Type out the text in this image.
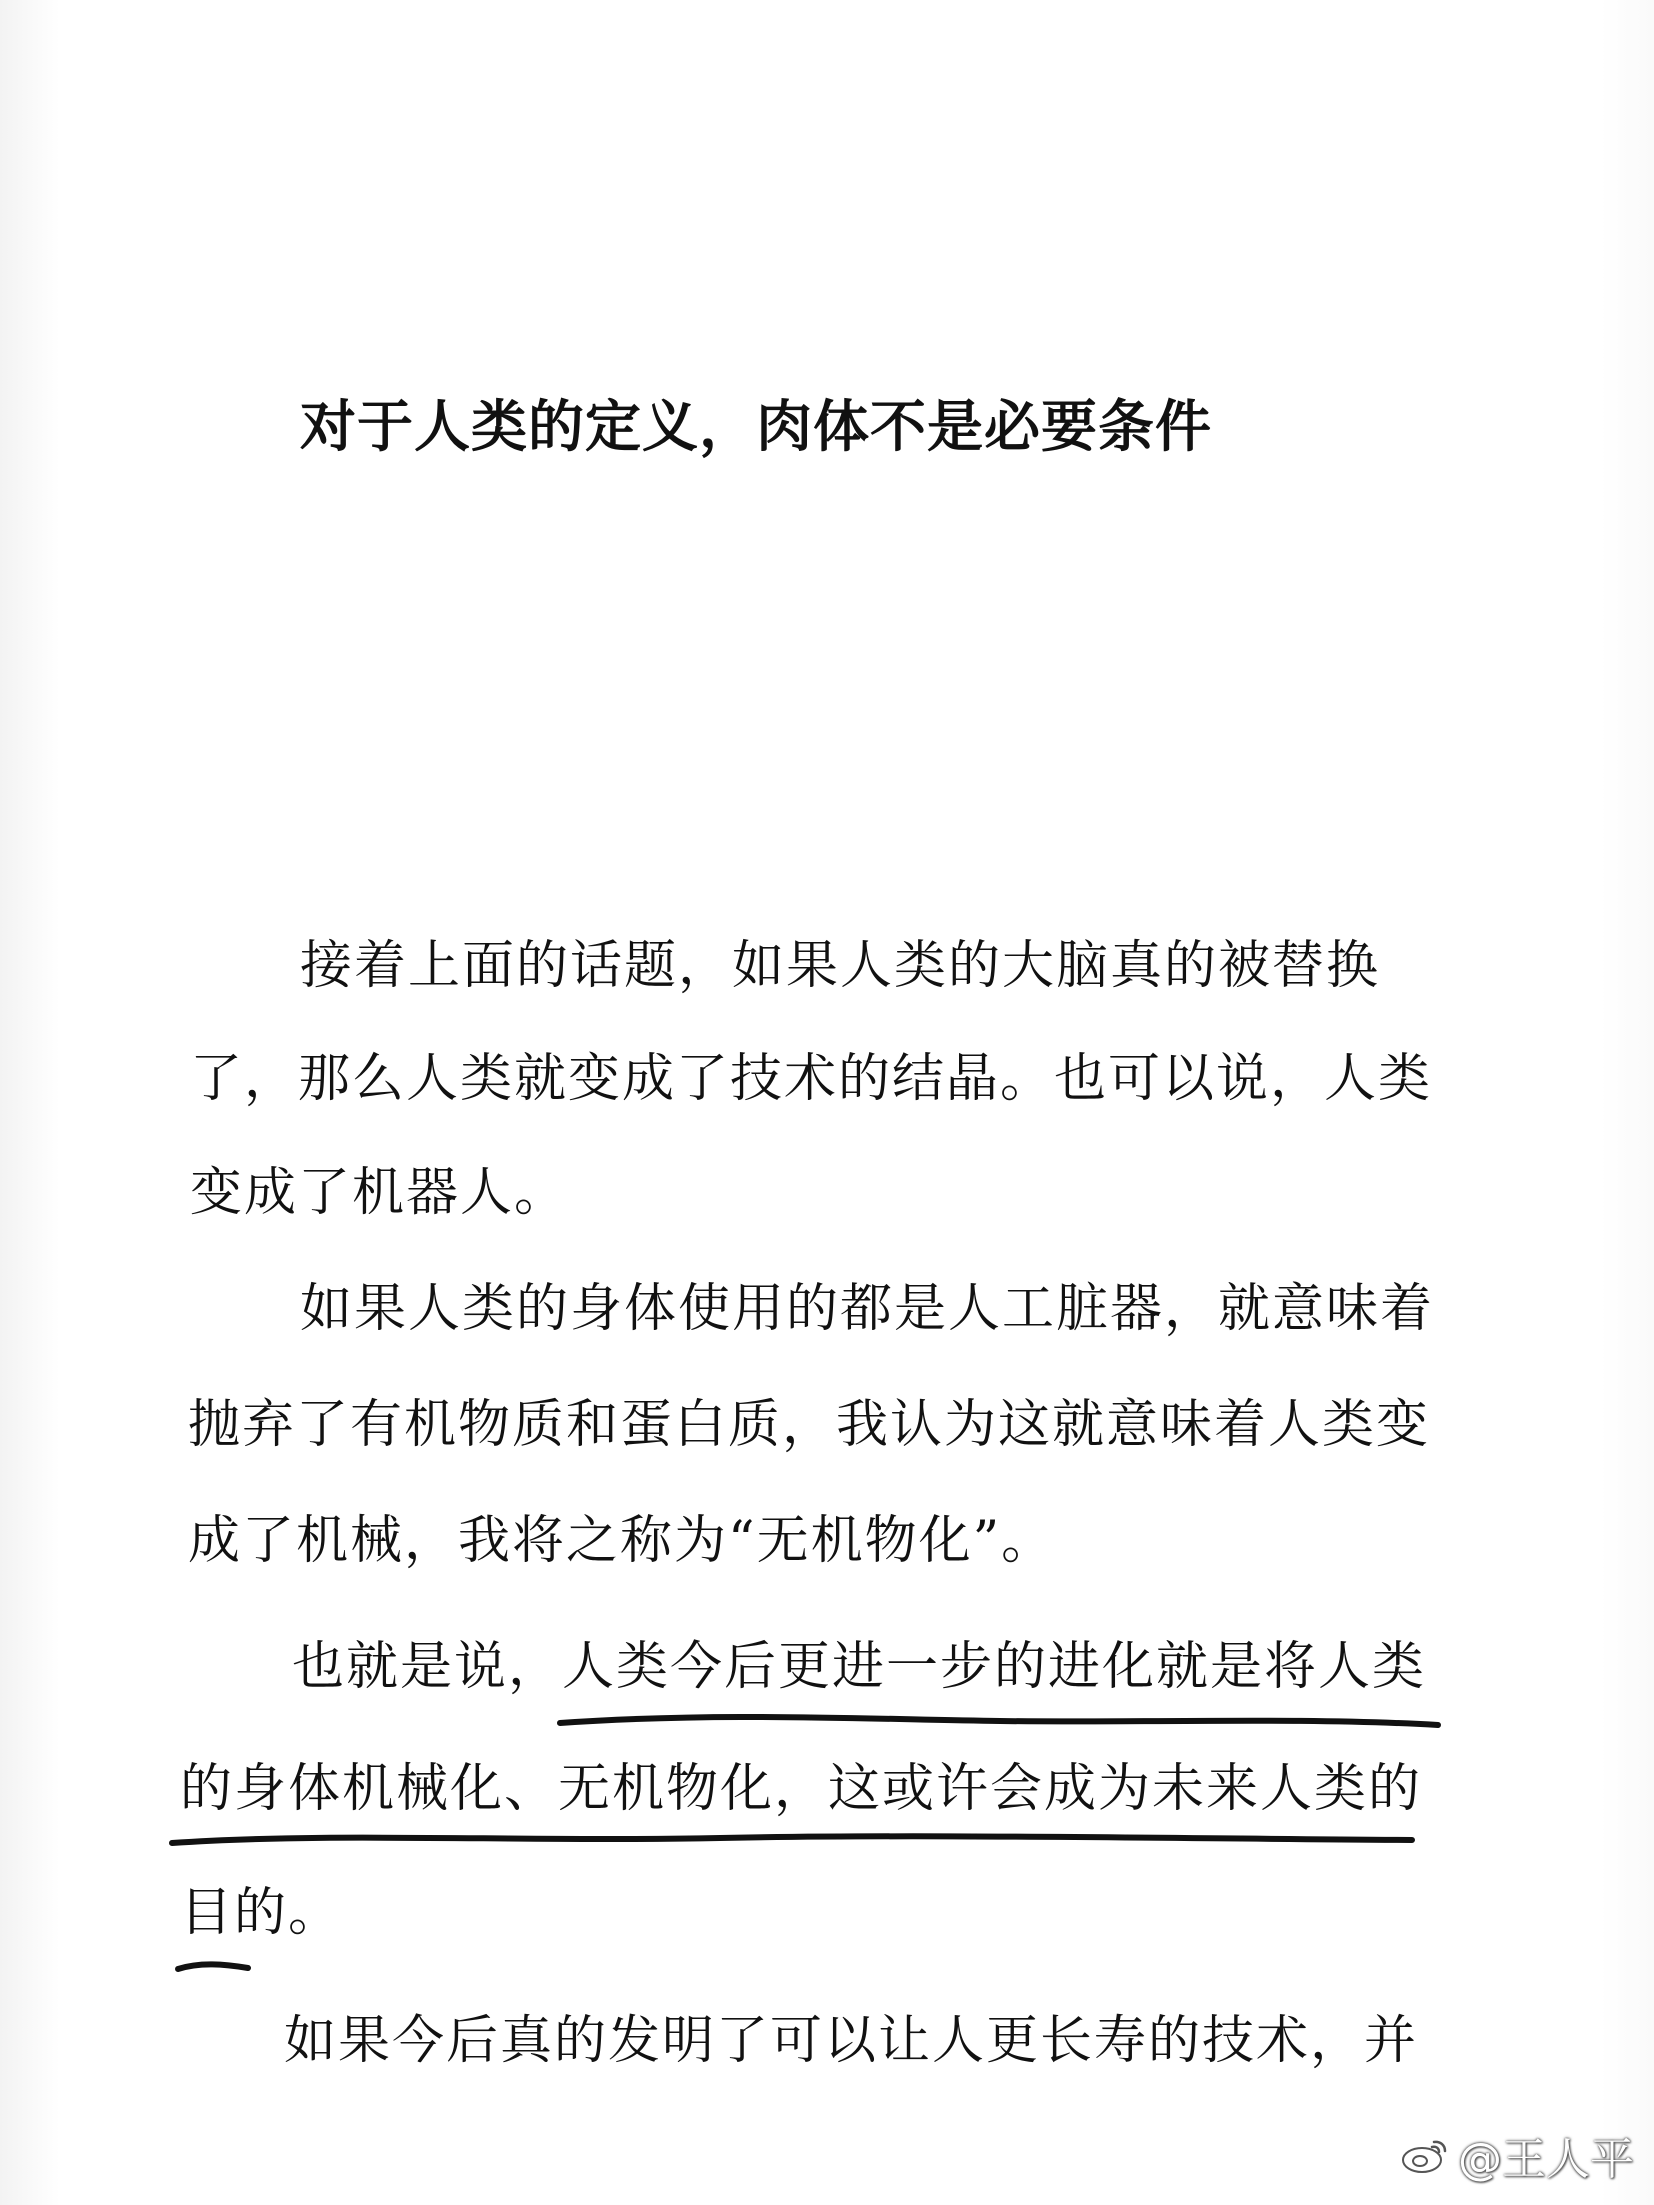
对于人类的定义，肉体不是必要条件
接着上面的话题，如果人类的大脑真的被替换
了，那么人类就变成了技术的结晶。也可以说，人类
变成了机器人。
如果人类的身体使用的都是人工脏器，就意味着
抛弃了有机物质和蛋白质，我认为这就意味着人类变
成了机械，我将之称为“无机物化”。
也就是说，人类今后更进一步的进化就是将人类
的身体机械化、无机物化，这或许会成为未来人类的
目的。
如果今后真的发明了可以让人更长寿的技术，并
@王人平
